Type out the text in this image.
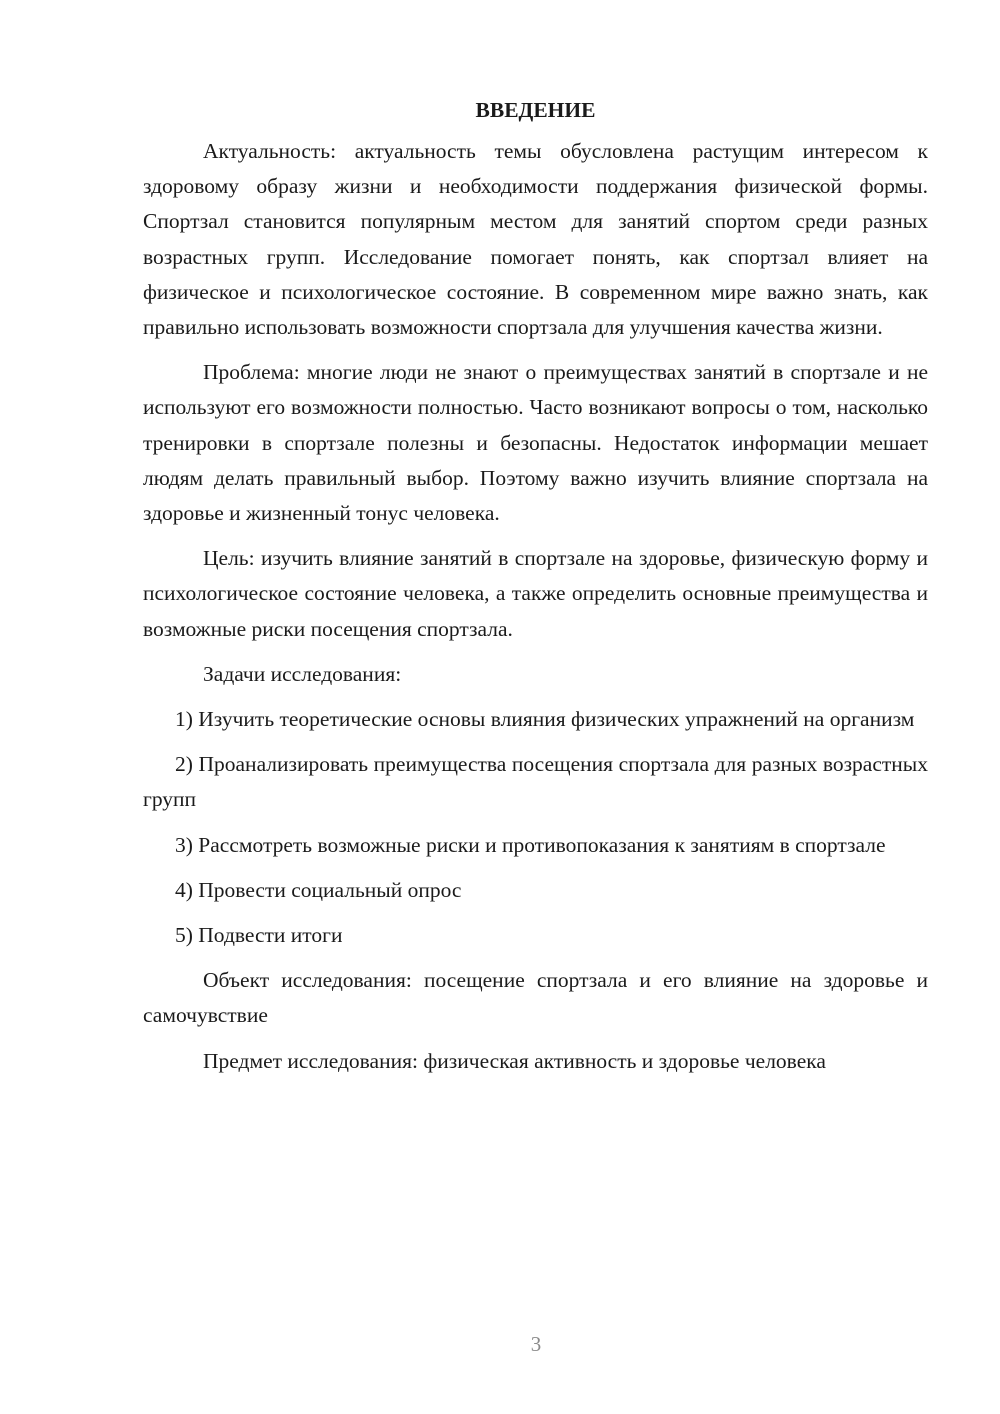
ВВЕДЕНИЕ

Актуальность: актуальность темы обусловлена растущим интересом к здоровому образу жизни и необходимости поддержания физической формы. Спортзал становится популярным местом для занятий спортом среди разных возрастных групп. Исследование помогает понять, как спортзал влияет на физическое и психологическое состояние. В современном мире важно знать, как правильно использовать возможности спортзала для улучшения качества жизни.

Проблема: многие люди не знают о преимуществах занятий в спортзале и не используют его возможности полностью. Часто возникают вопросы о том, насколько тренировки в спортзале полезны и безопасны. Недостаток информации мешает людям делать правильный выбор. Поэтому важно изучить влияние спортзала на здоровье и жизненный тонус человека.

Цель: изучить влияние занятий в спортзале на здоровье, физическую форму и психологическое состояние человека, а также определить основные преимущества и возможные риски посещения спортзала.

Задачи исследования:

1) Изучить теоретические основы влияния физических упражнений на организм

2) Проанализировать преимущества посещения спортзала для разных возрастных групп

3) Рассмотреть возможные риски и противопоказания к занятиям в спортзале

4) Провести социальный опрос

5) Подвести итоги

Объект исследования: посещение спортзала и его влияние на здоровье и самочувствие

Предмет исследования: физическая активность и здоровье человека

3
